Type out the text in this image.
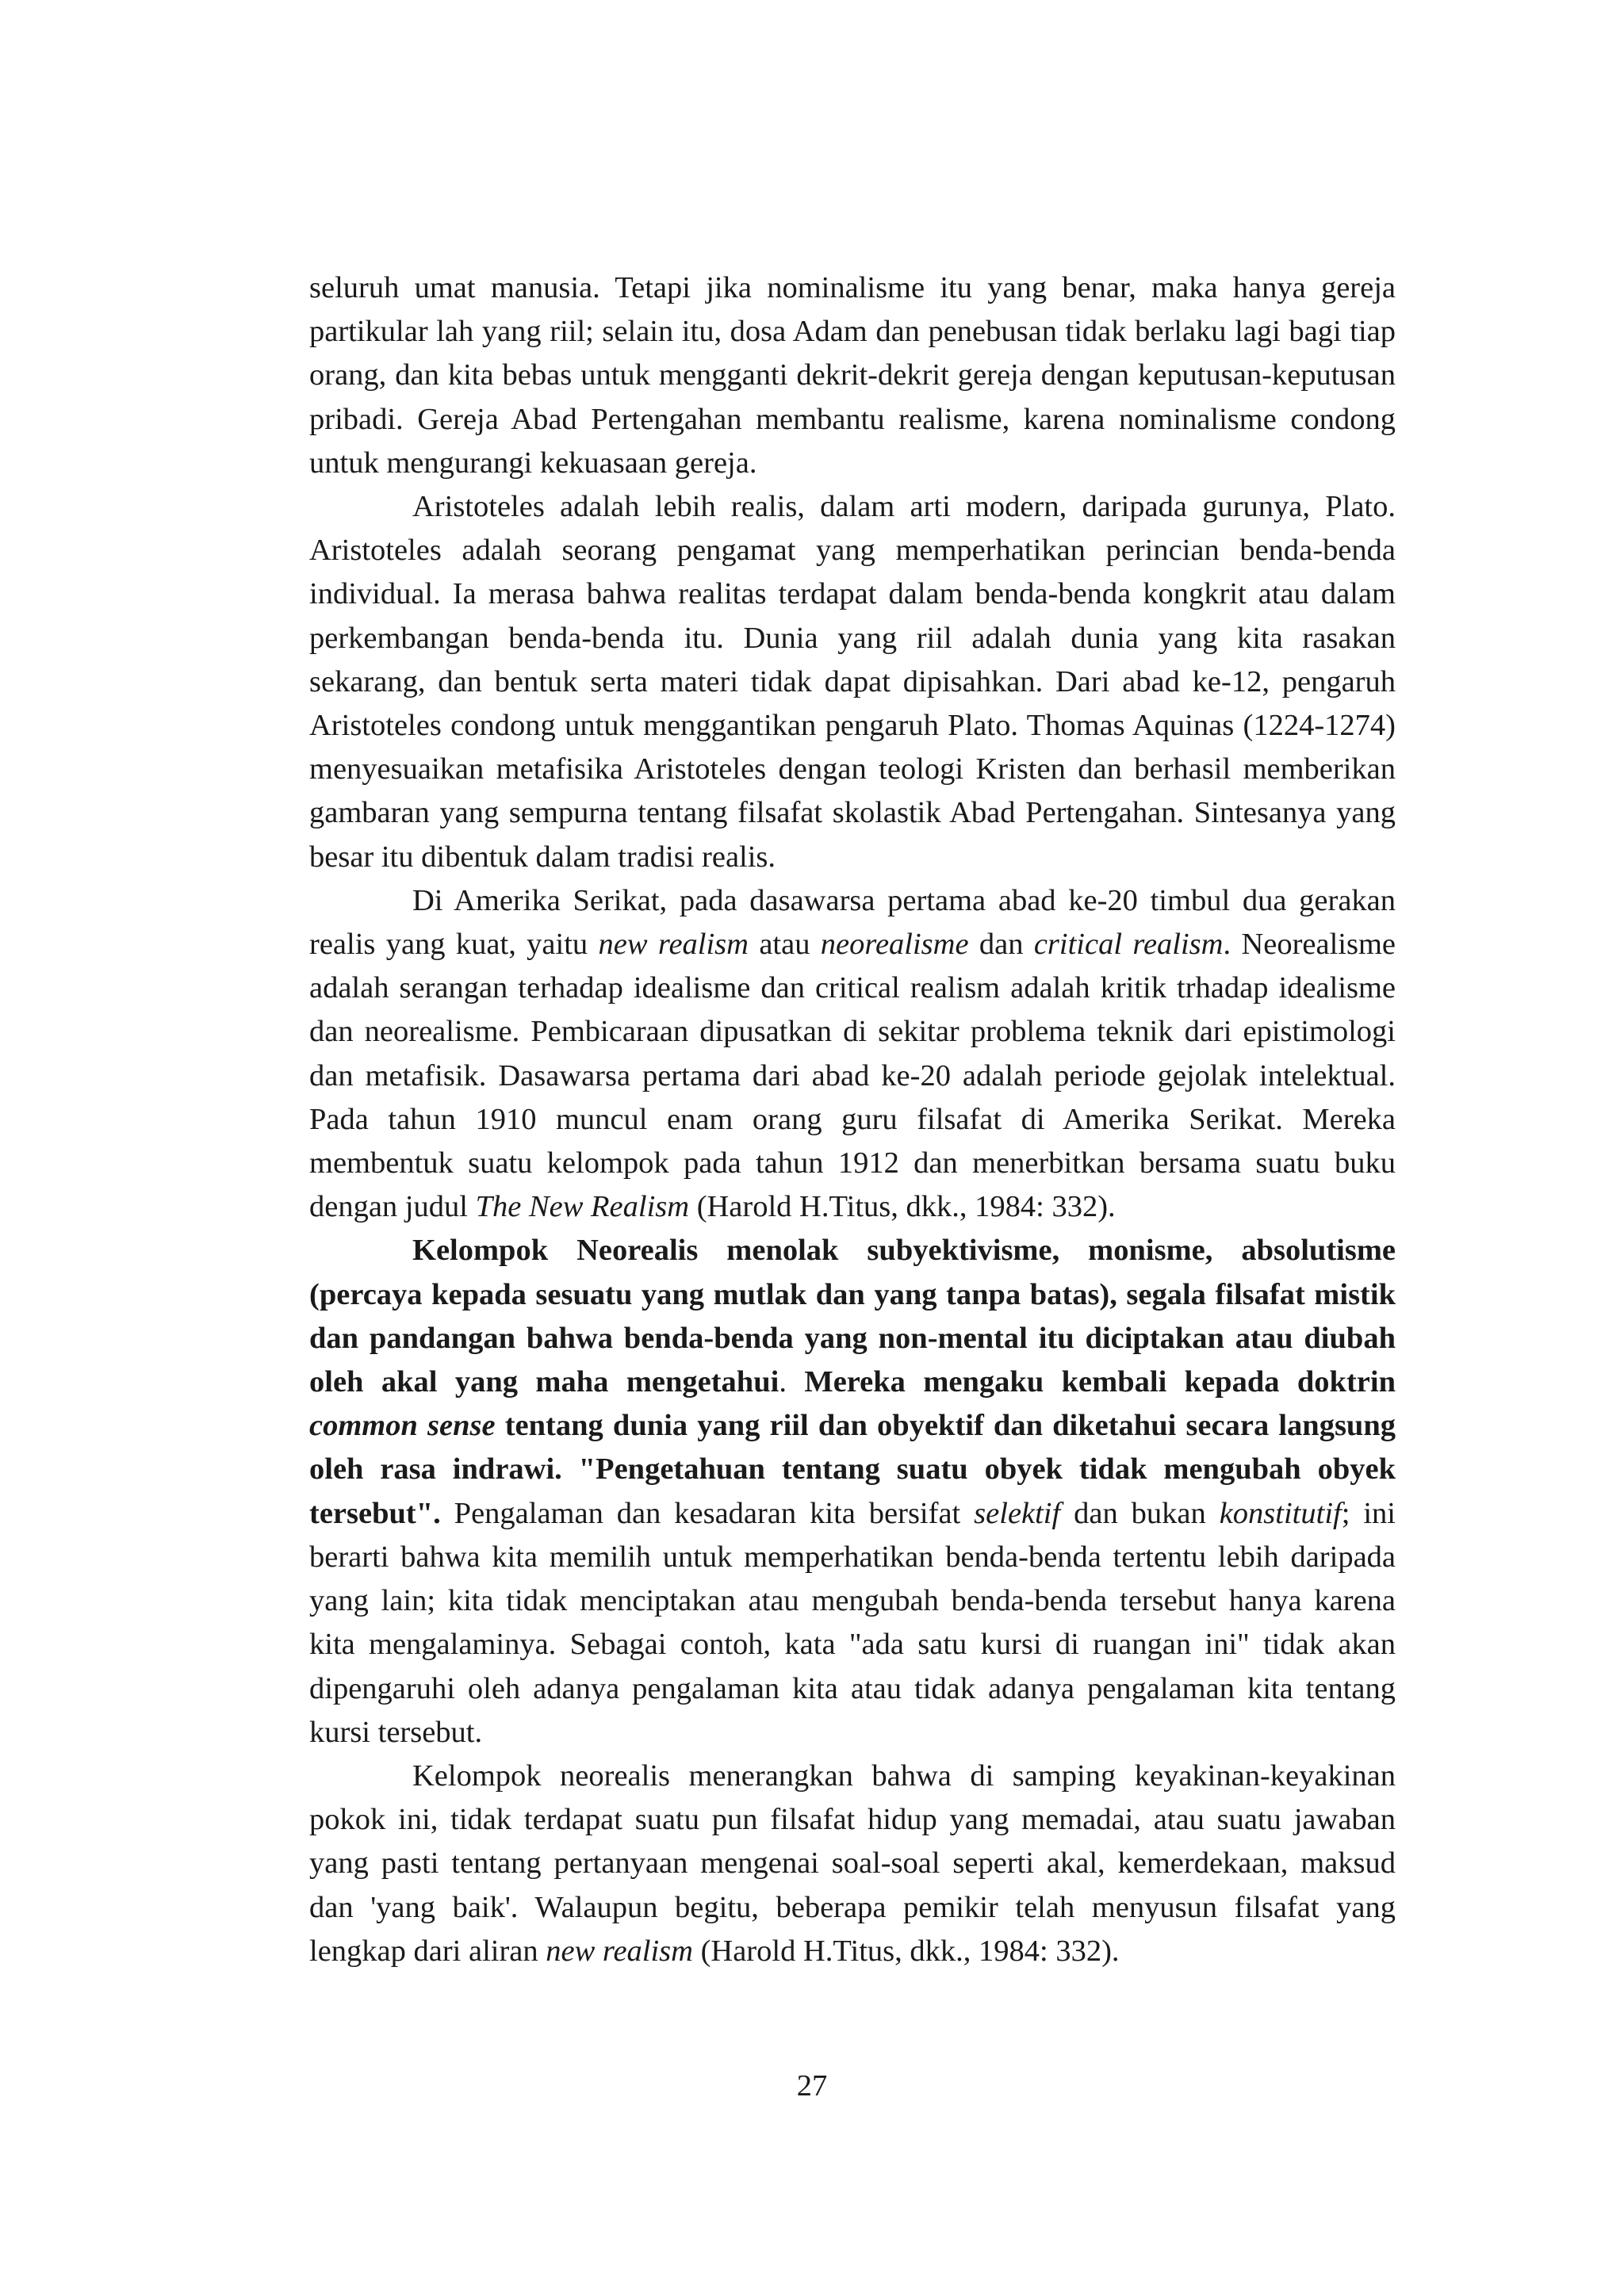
seluruh umat manusia. Tetapi jika nominalisme itu yang benar, maka hanya gereja partikular lah yang riil; selain itu, dosa Adam dan penebusan tidak berlaku lagi bagi tiap orang, dan kita bebas untuk mengganti dekrit-dekrit gereja dengan keputusan-keputusan pribadi. Gereja Abad Pertengahan membantu realisme, karena nominalisme condong untuk mengurangi kekuasaan gereja.

Aristoteles adalah lebih realis, dalam arti modern, daripada gurunya, Plato. Aristoteles adalah seorang pengamat yang memperhatikan perincian benda-benda individual. Ia merasa bahwa realitas terdapat dalam benda-benda kongkrit atau dalam perkembangan benda-benda itu. Dunia yang riil adalah dunia yang kita rasakan sekarang, dan bentuk serta materi tidak dapat dipisahkan. Dari abad ke-12, pengaruh Aristoteles condong untuk menggantikan pengaruh Plato. Thomas Aquinas (1224-1274) menyesuaikan metafisika Aristoteles dengan teologi Kristen dan berhasil memberikan gambaran yang sempurna tentang filsafat skolastik Abad Pertengahan. Sintesanya yang besar itu dibentuk dalam tradisi realis.

Di Amerika Serikat, pada dasawarsa pertama abad ke-20 timbul dua gerakan realis yang kuat, yaitu new realism atau neorealisme dan critical realism. Neorealisme adalah serangan terhadap idealisme dan critical realism adalah kritik trhadap idealisme dan neorealisme. Pembicaraan dipusatkan di sekitar problema teknik dari epistimologi dan metafisik. Dasawarsa pertama dari abad ke-20 adalah periode gejolak intelektual. Pada tahun 1910 muncul enam orang guru filsafat di Amerika Serikat. Mereka membentuk suatu kelompok pada tahun 1912 dan menerbitkan bersama suatu buku dengan judul The New Realism (Harold H.Titus, dkk., 1984: 332).

Kelompok Neorealis menolak subyektivisme, monisme, absolutisme (percaya kepada sesuatu yang mutlak dan yang tanpa batas), segala filsafat mistik dan pandangan bahwa benda-benda yang non-mental itu diciptakan atau diubah oleh akal yang maha mengetahui. Mereka mengaku kembali kepada doktrin common sense tentang dunia yang riil dan obyektif dan diketahui secara langsung oleh rasa indrawi. "Pengetahuan tentang suatu obyek tidak mengubah obyek tersebut". Pengalaman dan kesadaran kita bersifat selektif dan bukan konstitutif; ini berarti bahwa kita memilih untuk memperhatikan benda-benda tertentu lebih daripada yang lain; kita tidak menciptakan atau mengubah benda-benda tersebut hanya karena kita mengalaminya. Sebagai contoh, kata "ada satu kursi di ruangan ini" tidak akan dipengaruhi oleh adanya pengalaman kita atau tidak adanya pengalaman kita tentang kursi tersebut.

Kelompok neorealis menerangkan bahwa di samping keyakinan-keyakinan pokok ini, tidak terdapat suatu pun filsafat hidup yang memadai, atau suatu jawaban yang pasti tentang pertanyaan mengenai soal-soal seperti akal, kemerdekaan, maksud dan 'yang baik'. Walaupun begitu, beberapa pemikir telah menyusun filsafat yang lengkap dari aliran new realism (Harold H.Titus, dkk., 1984: 332).

27
